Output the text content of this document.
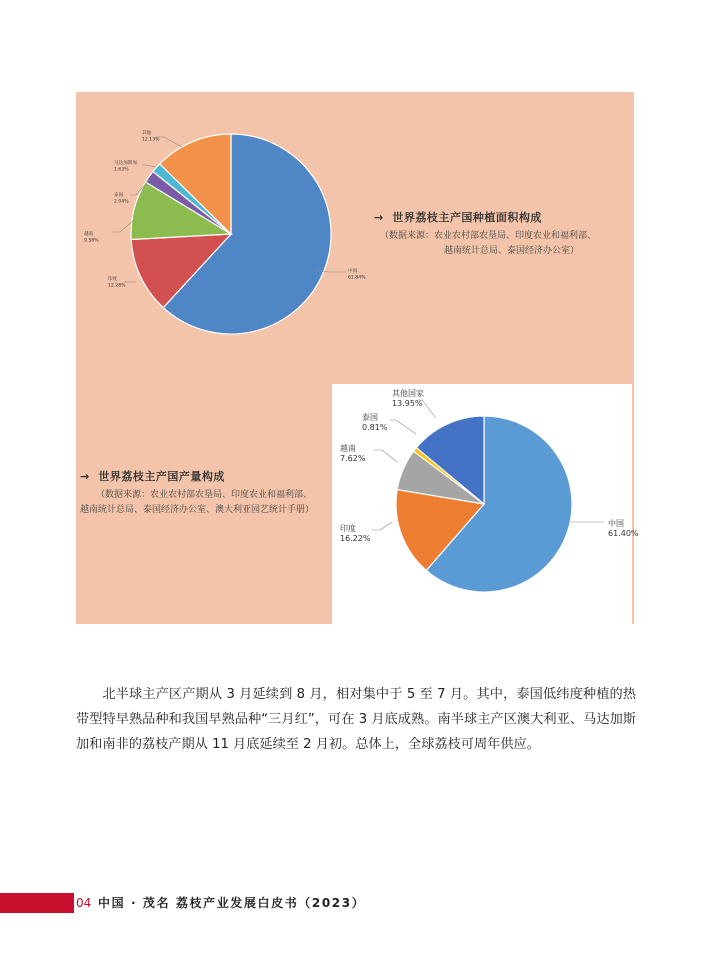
中国
61.84%
印度
12.28%
越南
9.58%
泰国
2.04%
马达加斯加
1.63%
其他
12.13%
→ 世界荔枝主产国种植面积构成
（数据来源：农业农村部农垦局、印度农业和福利部、
越南统计总局、泰国经济办公室）
中国
61.40%
印度
16.22%
越南
7.62%
泰国
0.81%
其他国家
13.95%
→ 世界荔枝主产国产量构成
（数据来源：农业农村部农垦局、印度农业和福利部、
越南统计总局、泰国经济办公室、澳大利亚园艺统计手册）

北半球主产区产期从 3 月延续到 8 月，相对集中于 5 至 7 月。其中，泰国低纬度种植的热带型特早熟品种和我国早熟品种“三月红”，可在 3 月底成熟。南半球主产区澳大利亚、马达加斯加和南非的荔枝产期从 11 月底延续至 2 月初。总体上，全球荔枝可周年供应。

04 中国 · 茂名 荔枝产业发展白皮书（2023）
